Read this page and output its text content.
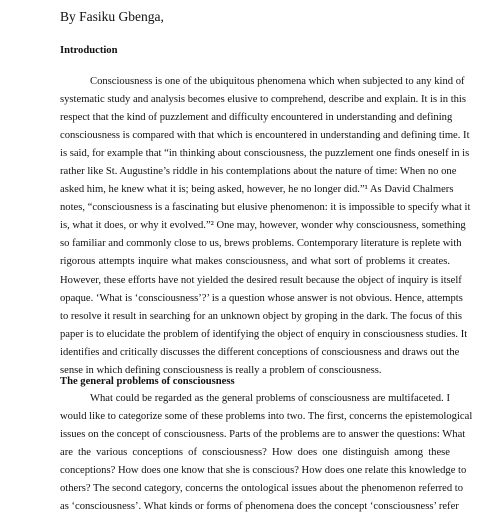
By Fasiku Gbenga,
Introduction
Consciousness is one of the ubiquitous phenomena which when subjected to any kind of
systematic study and analysis becomes elusive to comprehend, describe and explain. It is in this
respect that the kind of puzzlement and difficulty encountered in understanding and defining
consciousness is compared with that which is encountered in understanding and defining time. It
is said, for example that “in thinking about consciousness, the puzzlement one finds oneself in is
rather like St. Augustine’s riddle in his contemplations about the nature of time: When no one
asked him, he knew what it is; being asked, however, he no longer did.”¹ As David Chalmers
notes, “consciousness is a fascinating but elusive phenomenon: it is impossible to specify what it
is, what it does, or why it evolved.”² One may, however, wonder why consciousness, something
so familiar and commonly close to us, brews problems. Contemporary literature is replete with
rigorous attempts inquire what makes consciousness, and what sort of problems it creates.
However, these efforts have not yielded the desired result because the object of inquiry is itself
opaque. ‘What is ‘consciousness’?’ is a question whose answer is not obvious. Hence, attempts
to resolve it result in searching for an unknown object by groping in the dark. The focus of this
paper is to elucidate the problem of identifying the object of enquiry in consciousness studies. It
identifies and critically discusses the different conceptions of consciousness and draws out the
sense in which defining consciousness is really a problem of consciousness.
The general problems of consciousness
What could be regarded as the general problems of consciousness are multifaceted. I
would like to categorize some of these problems into two. The first, concerns the epistemological
issues on the concept of consciousness. Parts of the problems are to answer the questions: What
are the various conceptions of consciousness? How does one distinguish among these
conceptions? How does one know that she is conscious? How does one relate this knowledge to
others? The second category, concerns the ontological issues about the phenomenon referred to
as ‘consciousness’. What kinds or forms of phenomena does the concept ‘consciousness’ refer
